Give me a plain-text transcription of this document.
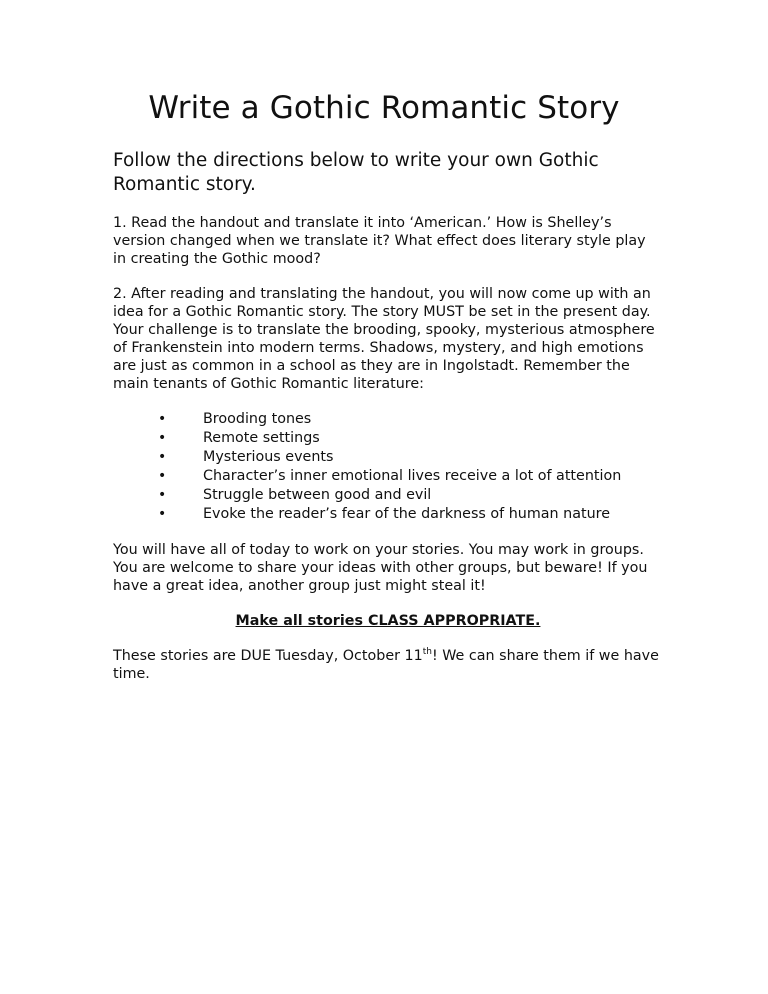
Write a Gothic Romantic Story
Follow the directions below to write your own Gothic Romantic story.

1. Read the handout and translate it into ‘American.’ How is Shelley’s version changed when we translate it? What effect does literary style play in creating the Gothic mood?

2. After reading and translating the handout, you will now come up with an idea for a Gothic Romantic story. The story MUST be set in the present day. Your challenge is to translate the brooding, spooky, mysterious atmosphere of Frankenstein into modern terms. Shadows, mystery, and high emotions are just as common in a school as they are in Ingolstadt. Remember the main tenants of Gothic Romantic literature:

•	Brooding tones
•	Remote settings
•	Mysterious events
•	Character’s inner emotional lives receive a lot of attention
•	Struggle between good and evil
•	Evoke the reader’s fear of the darkness of human nature

You will have all of today to work on your stories. You may work in groups. You are welcome to share your ideas with other groups, but beware! If you have a great idea, another group just might steal it!

Make all stories CLASS APPROPRIATE.

These stories are DUE Tuesday, October 11th! We can share them if we have time.
